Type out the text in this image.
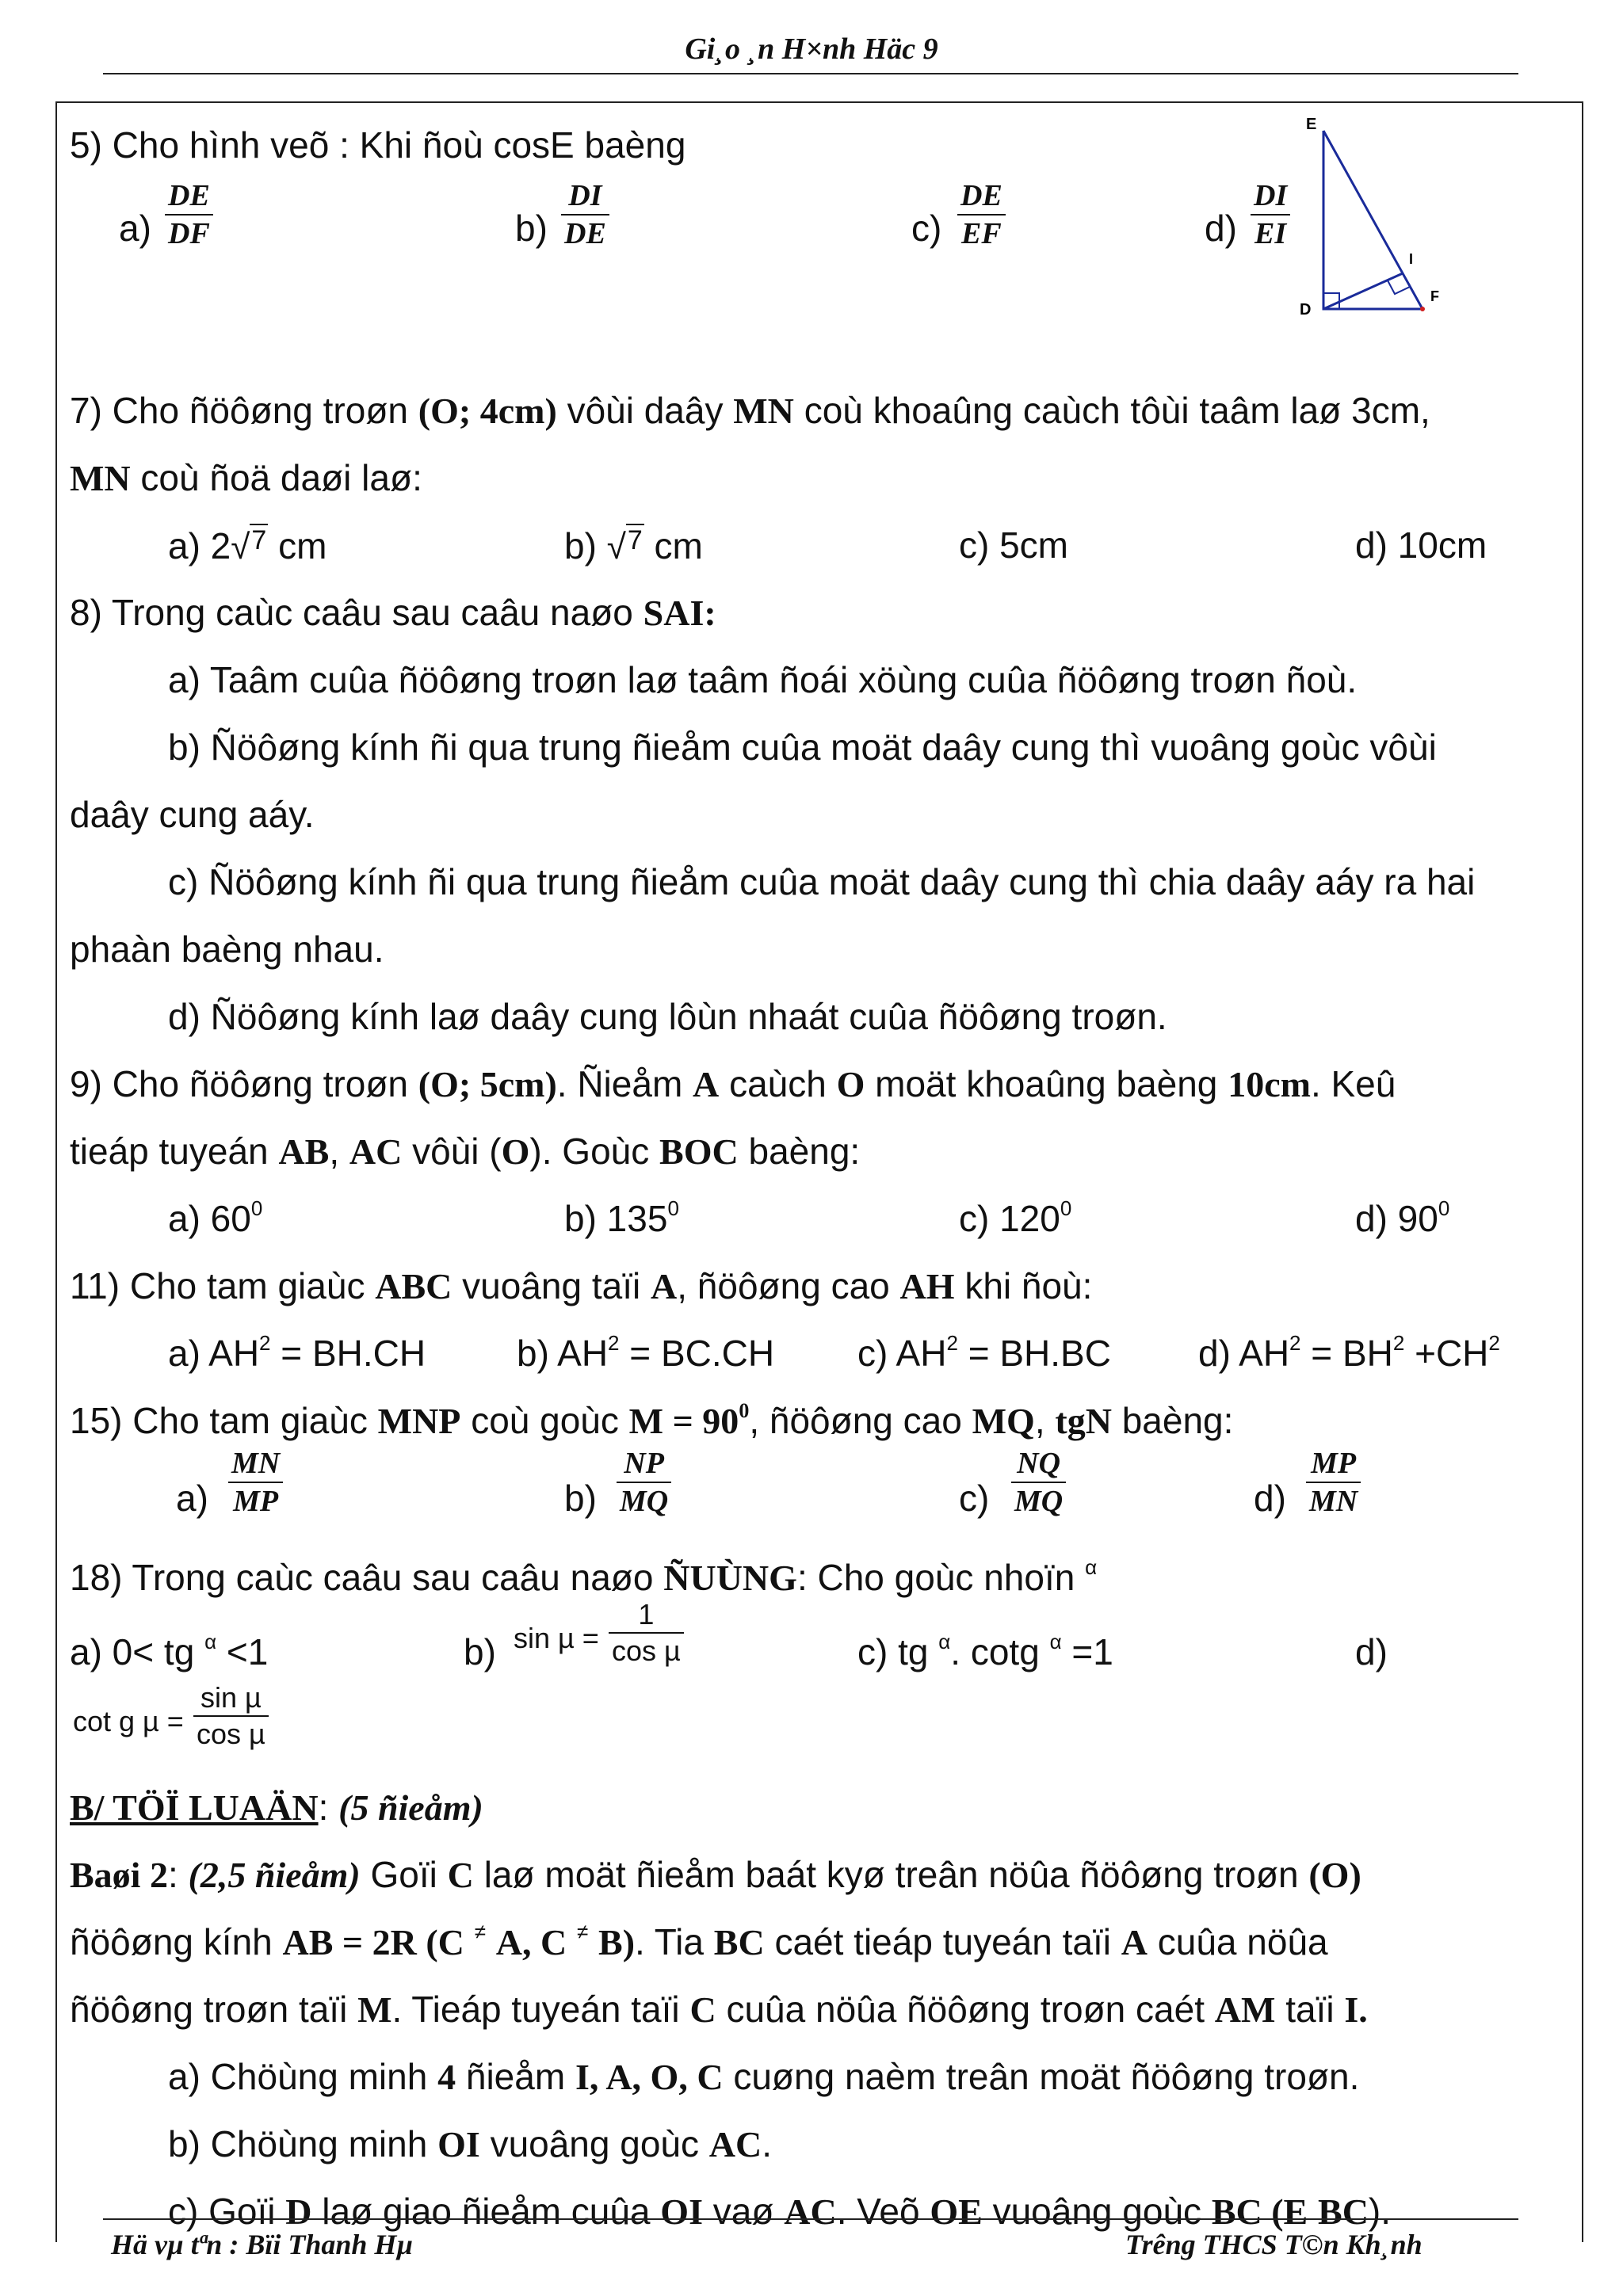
Gi¸o ¸n H×nh Häc 9
5) Cho hình veõ : Khi ñoù cosE baèng
a)
DE
DF	b)
DI
DE	c)
DE
EF	d)
DI
EI
E
D
F
I
7) Cho ñöôøng troøn (O; 4cm) vôùi daây MN coù khoaûng caùch tôùi taâm laø 3cm,
MN coù ñoä daøi laø:
a) 2√$^7$ cm	b) √$^7$ cm	c) 5cm	d) 10cm
8) Trong caùc caâu sau caâu naøo SAI:
a) Taâm cuûa ñöôøng troøn laø taâm ñoái xöùng cuûa ñöôøng troøn ñoù.
b) Ñöôøng kính ñi qua trung ñieåm cuûa moät daây cung thì vuoâng goùc vôùi
daây cung aáy.
c) Ñöôøng kính ñi qua trung ñieåm cuûa moät daây cung thì chia daây aáy ra hai
phaàn baèng nhau.
d) Ñöôøng kính laø daây cung lôùn nhaát cuûa ñöôøng troøn.
9) Cho ñöôøng troøn (O; 5cm). Ñieåm A caùch O moät khoaûng baèng 10cm. Keû
tieáp tuyeán AB, AC vôùi (O). Goùc BOC baèng:
a) $60^0$	b) $135^0$	c) $120^0$	d) $90^0$
11) Cho tam giaùc ABC vuoâng taïi A, ñöôøng cao AH khi ñoù:
a) $AH^2 = BH.CH$ b) $AH^2 = BC.CH$ c) $AH^2 = BH.BC$ d) $AH^2 = BH^2 +CH^2$
15) Cho tam giaùc MNP coù goùc $M = 90^0$, ñöôøng cao MQ, tgN baèng:
a)
MN
MP	b)
NP
MQ	c)
NQ
MQ	d)
MP
MN
18) Trong caùc caâu sau caâu naøo ÑUÙNG: Cho goùc nhoïn $^\alpha$
a) 0< tg $^\alpha$ <1	b) sin µ =
1
cos µ	c) tg $^\alpha$. cotg $^\alpha$ =1	d)
cot g µ =
sin µ
cos µ
B/ TÖÏ LUAÄN: (5 ñieåm)
Baøi 2: (2,5 ñieåm) Goïi C laø moät ñieåm baát kyø treân nöûa ñöôøng troøn (O)
ñöôøng kính AB = 2R (C ≠ A, C ≠ B). Tia BC caét tieáp tuyeán taïi A cuûa nöûa
ñöôøng troøn taïi M. Tieáp tuyeán taïi C cuûa nöûa ñöôøng troøn caét AM taïi I.
a) Chöùng minh 4 ñieåm I, A, O, C cuøng naèm treân moät ñöôøng troøn.
b) Chöùng minh OI vuoâng goùc AC.
c) Goïi D laø giao ñieåm cuûa OI vaø AC. Veõ OE vuoâng goùc BC (E BC).
Hä vµ tªn : Bïi Thanh Hµ	Trêng THCS T©n Kh¸nh
